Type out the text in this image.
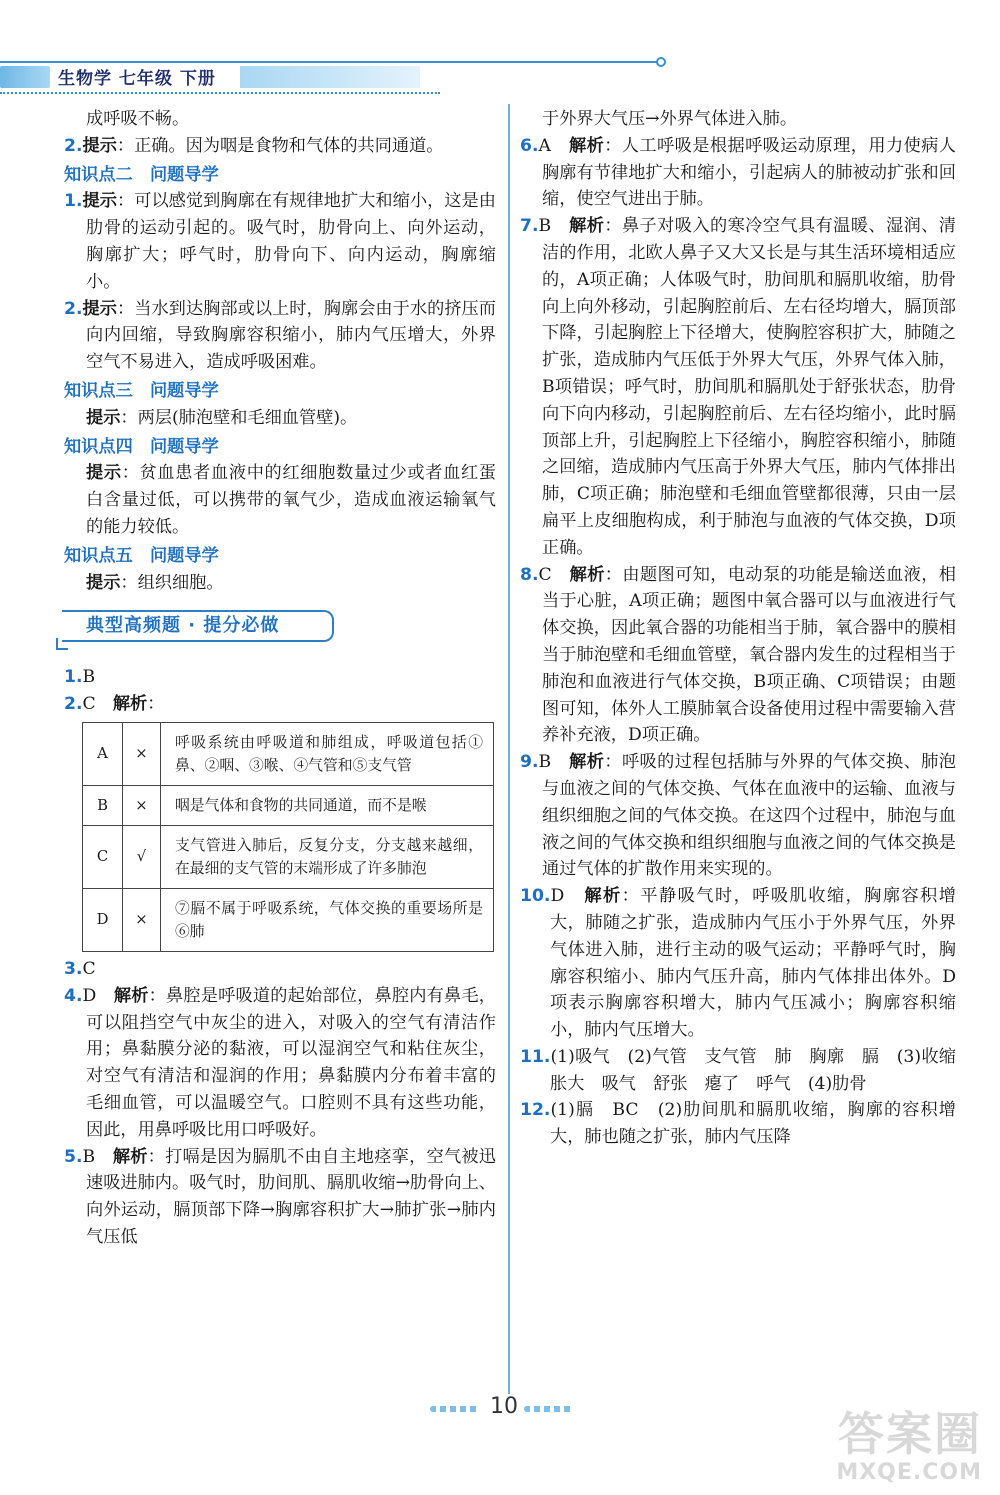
生物学 七年级 下册
成呼吸不畅。
2.提示：正确。因为咽是食物和气体的共同通道。
知识点二　问题导学
1.提示：可以感觉到胸廓在有规律地扩大和缩小，这是由肋骨的运动引起的。吸气时，肋骨向上、向外运动，胸廓扩大；呼气时，肋骨向下、向内运动，胸廓缩小。
2.提示：当水到达胸部或以上时，胸廓会由于水的挤压而向内回缩，导致胸廓容积缩小，肺内气压增大，外界空气不易进入，造成呼吸困难。
知识点三　问题导学
提示：两层(肺泡壁和毛细血管壁)。
知识点四　问题导学
提示：贫血患者血液中的红细胞数量过少或者血红蛋白含量过低，可以携带的氧气少，造成血液运输氧气的能力较低。
知识点五　问题导学
提示：组织细胞。
典型高频题 · 提分必做
1.B
2.C　解析：
A	×	呼吸系统由呼吸道和肺组成，呼吸道包括①鼻、②咽、③喉、④气管和⑤支气管
B	×	咽是气体和食物的共同通道，而不是喉
C	√	支气管进入肺后，反复分支，分支越来越细，在最细的支气管的末端形成了许多肺泡
D	×	⑦膈不属于呼吸系统，气体交换的重要场所是⑥肺
3.C
4.D　解析：鼻腔是呼吸道的起始部位，鼻腔内有鼻毛，可以阻挡空气中灰尘的进入，对吸入的空气有清洁作用；鼻黏膜分泌的黏液，可以湿润空气和粘住灰尘，对空气有清洁和湿润的作用；鼻黏膜内分布着丰富的毛细血管，可以温暖空气。口腔则不具有这些功能，因此，用鼻呼吸比用口呼吸好。
5.B　解析：打嗝是因为膈肌不由自主地痉挛，空气被迅速吸进肺内。吸气时，肋间肌、膈肌收缩→肋骨向上、向外运动，膈顶部下降→胸廓容积扩大→肺扩张→肺内气压低
于外界大气压→外界气体进入肺。
6.A　解析：人工呼吸是根据呼吸运动原理，用力使病人胸廓有节律地扩大和缩小，引起病人的肺被动扩张和回缩，使空气进出于肺。
7.B　解析：鼻子对吸入的寒冷空气具有温暖、湿润、清洁的作用，北欧人鼻子又大又长是与其生活环境相适应的，A项正确；人体吸气时，肋间肌和膈肌收缩，肋骨向上向外移动，引起胸腔前后、左右径均增大，膈顶部下降，引起胸腔上下径增大，使胸腔容积扩大，肺随之扩张，造成肺内气压低于外界大气压，外界气体入肺，B项错误；呼气时，肋间肌和膈肌处于舒张状态，肋骨向下向内移动，引起胸腔前后、左右径均缩小，此时膈顶部上升，引起胸腔上下径缩小，胸腔容积缩小，肺随之回缩，造成肺内气压高于外界大气压，肺内气体排出肺，C项正确；肺泡壁和毛细血管壁都很薄，只由一层扁平上皮细胞构成，利于肺泡与血液的气体交换，D项正确。
8.C　解析：由题图可知，电动泵的功能是输送血液，相当于心脏，A项正确；题图中氧合器可以与血液进行气体交换，因此氧合器的功能相当于肺，氧合器中的膜相当于肺泡壁和毛细血管壁，氧合器内发生的过程相当于肺泡和血液进行气体交换，B项正确、C项错误；由题图可知，体外人工膜肺氧合设备使用过程中需要输入营养补充液，D项正确。
9.B　解析：呼吸的过程包括肺与外界的气体交换、肺泡与血液之间的气体交换、气体在血液中的运输、血液与组织细胞之间的气体交换。在这四个过程中，肺泡与血液之间的气体交换和组织细胞与血液之间的气体交换是通过气体的扩散作用来实现的。
10.D　解析：平静吸气时，呼吸肌收缩，胸廓容积增大，肺随之扩张，造成肺内气压小于外界气压，外界气体进入肺，进行主动的吸气运动；平静呼气时，胸廓容积缩小、肺内气压升高，肺内气体排出体外。D项表示胸廓容积增大，肺内气压减小；胸廓容积缩小，肺内气压增大。
11.(1)吸气　(2)气管　支气管　肺　胸廓　膈　(3)收缩　胀大　吸气　舒张　瘪了　呼气　(4)肋骨
12.(1)膈　BC　(2)肋间肌和膈肌收缩，胸廓的容积增大，肺也随之扩张，肺内气压降
10
答案圈
MXQE.COM
